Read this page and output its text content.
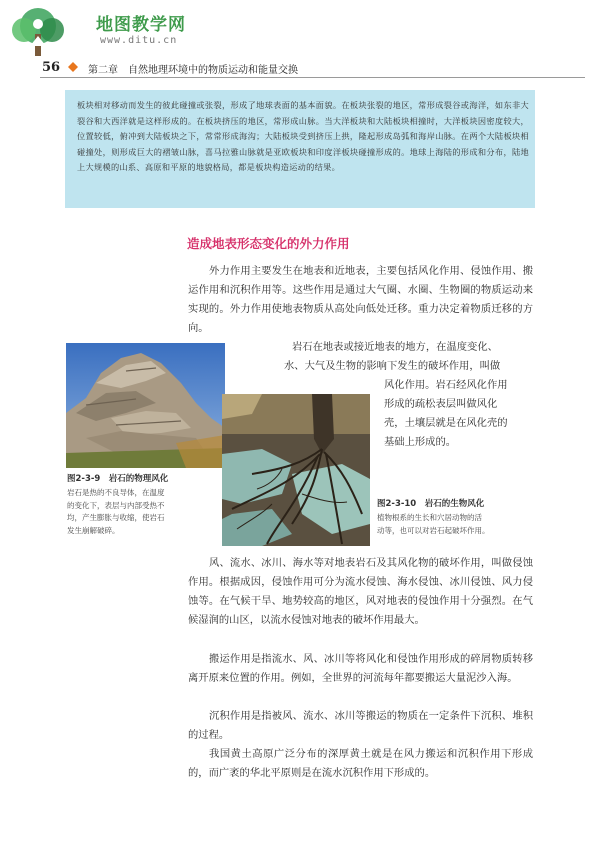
地图教学网
www.ditu.cn
56	第二章　自然地理环境中的物质运动和能量交换
板块相对移动而发生的彼此碰撞或张裂，形成了地球表面的基本面貌。在板块张裂的地区，常形成裂谷或海洋，如东非大裂谷和大西洋就是这样形成的。在板块挤压的地区，常形成山脉。当大洋板块和大陆板块相撞时，大洋板块因密度较大，位置较低，俯冲到大陆板块之下，常常形成海沟；大陆板块受到挤压上拱，隆起形成岛弧和海岸山脉。在两个大陆板块相碰撞处，则形成巨大的褶皱山脉，喜马拉雅山脉就是亚欧板块和印度洋板块碰撞形成的。地球上海陆的形成和分布，陆地上大规模的山系、高原和平原的地貌格局，都是板块构造运动的结果。
造成地表形态变化的外力作用
外力作用主要发生在地表和近地表，主要包括风化作用、侵蚀作用、搬运作用和沉积作用等。这些作用是通过大气圈、水圈、生物圈的物质运动来实现的。外力作用使地表物质从高处向低处迁移。重力决定着物质迁移的方向。
岩石在地表或接近地表的地方，在温度变化、
水、大气及生物的影响下发生的破坏作用，叫做
风化作用。岩石经风化作用
形成的疏松表层叫做风化
壳，土壤层就是在风化壳的
基础上形成的。
图2-3-9　岩石的物理风化
岩石是热的不良导体，在温度
的变化下，表层与内部受热不
均，产生膨胀与收缩，使岩石
发生崩解破碎。
图2-3-10　岩石的生物风化
植物根系的生长和穴居动物的活
动等，也可以对岩石起破坏作用。
风、流水、冰川、海水等对地表岩石及其风化物的破坏作用，叫做侵蚀作用。根据成因，侵蚀作用可分为流水侵蚀、海水侵蚀、冰川侵蚀、风力侵蚀等。在气候干旱、地势较高的地区，风对地表的侵蚀作用十分强烈。在气候湿润的山区，以流水侵蚀对地表的破坏作用最大。
搬运作用是指流水、风、冰川等将风化和侵蚀作用形成的碎屑物质转移离开原来位置的作用。例如，全世界的河流每年都要搬运大量泥沙入海。
沉积作用是指被风、流水、冰川等搬运的物质在一定条件下沉积、堆积的过程。
我国黄土高原广泛分布的深厚黄土就是在风力搬运和沉积作用下形成的，而广袤的华北平原则是在流水沉积作用下形成的。
